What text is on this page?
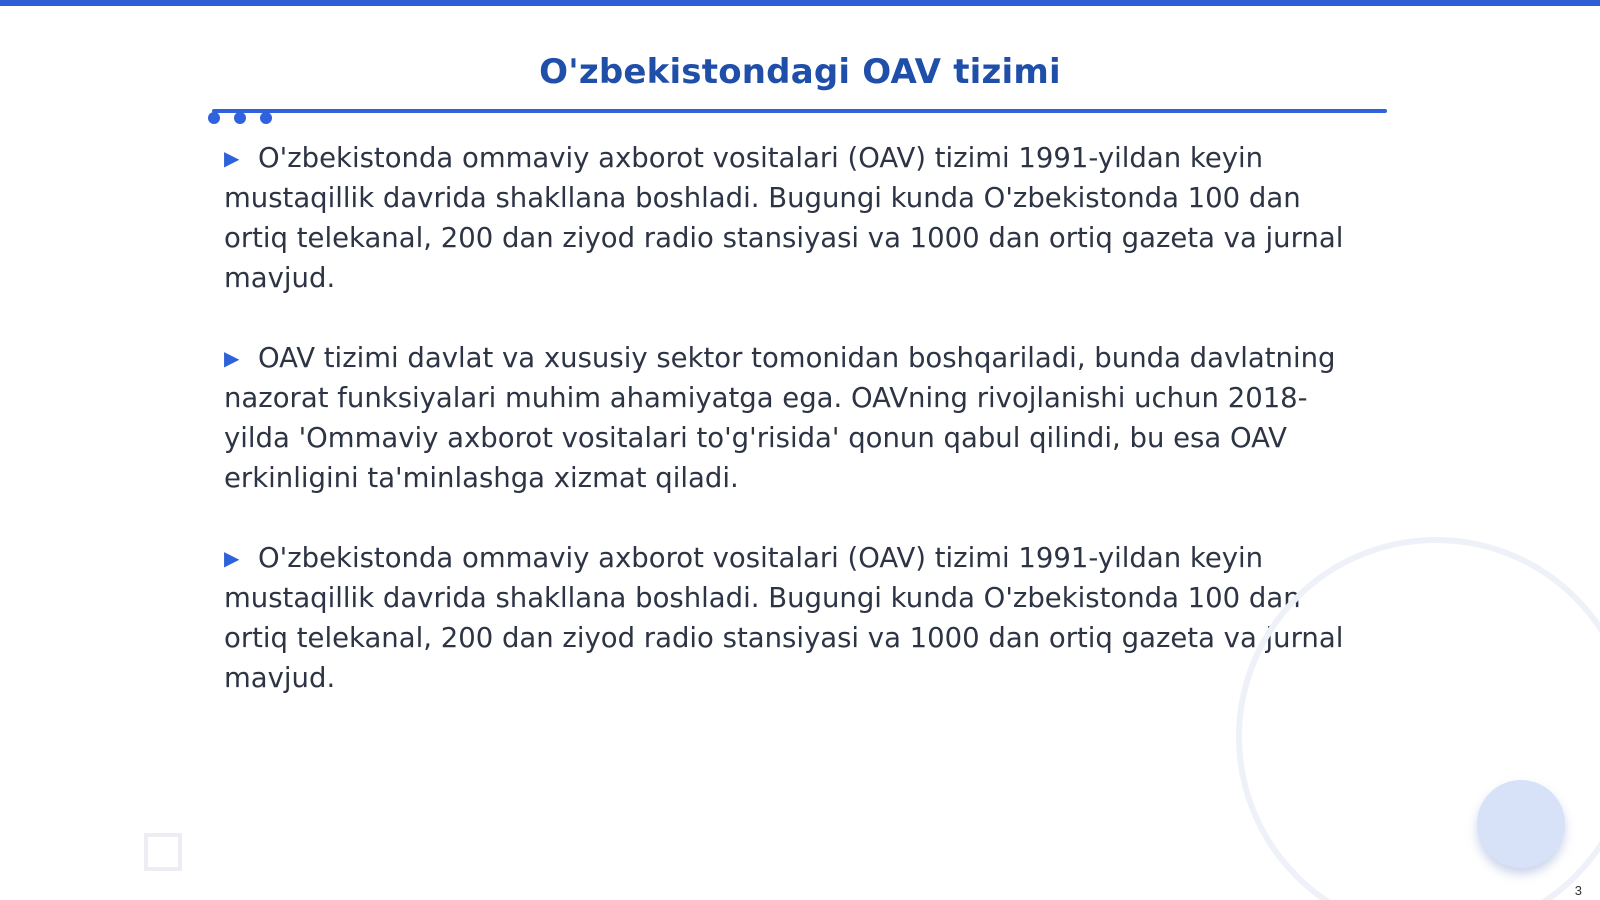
O'zbekistondagi OAV tizimi

▶ O'zbekistonda ommaviy axborot vositalari (OAV) tizimi 1991-yildan keyin mustaqillik davrida shakllana boshladi. Bugungi kunda O'zbekistonda 100 dan ortiq telekanal, 200 dan ziyod radio stansiyasi va 1000 dan ortiq gazeta va jurnal mavjud.

▶ OAV tizimi davlat va xususiy sektor tomonidan boshqariladi, bunda davlatning nazorat funksiyalari muhim ahamiyatga ega. OAVning rivojlanishi uchun 2018-yilda 'Ommaviy axborot vositalari to'g'risida' qonun qabul qilindi, bu esa OAV erkinligini ta'minlashga xizmat qiladi.

▶ O'zbekistonda ommaviy axborot vositalari (OAV) tizimi 1991-yildan keyin mustaqillik davrida shakllana boshladi. Bugungi kunda O'zbekistonda 100 dan ortiq telekanal, 200 dan ziyod radio stansiyasi va 1000 dan ortiq gazeta va jurnal mavjud.

3
